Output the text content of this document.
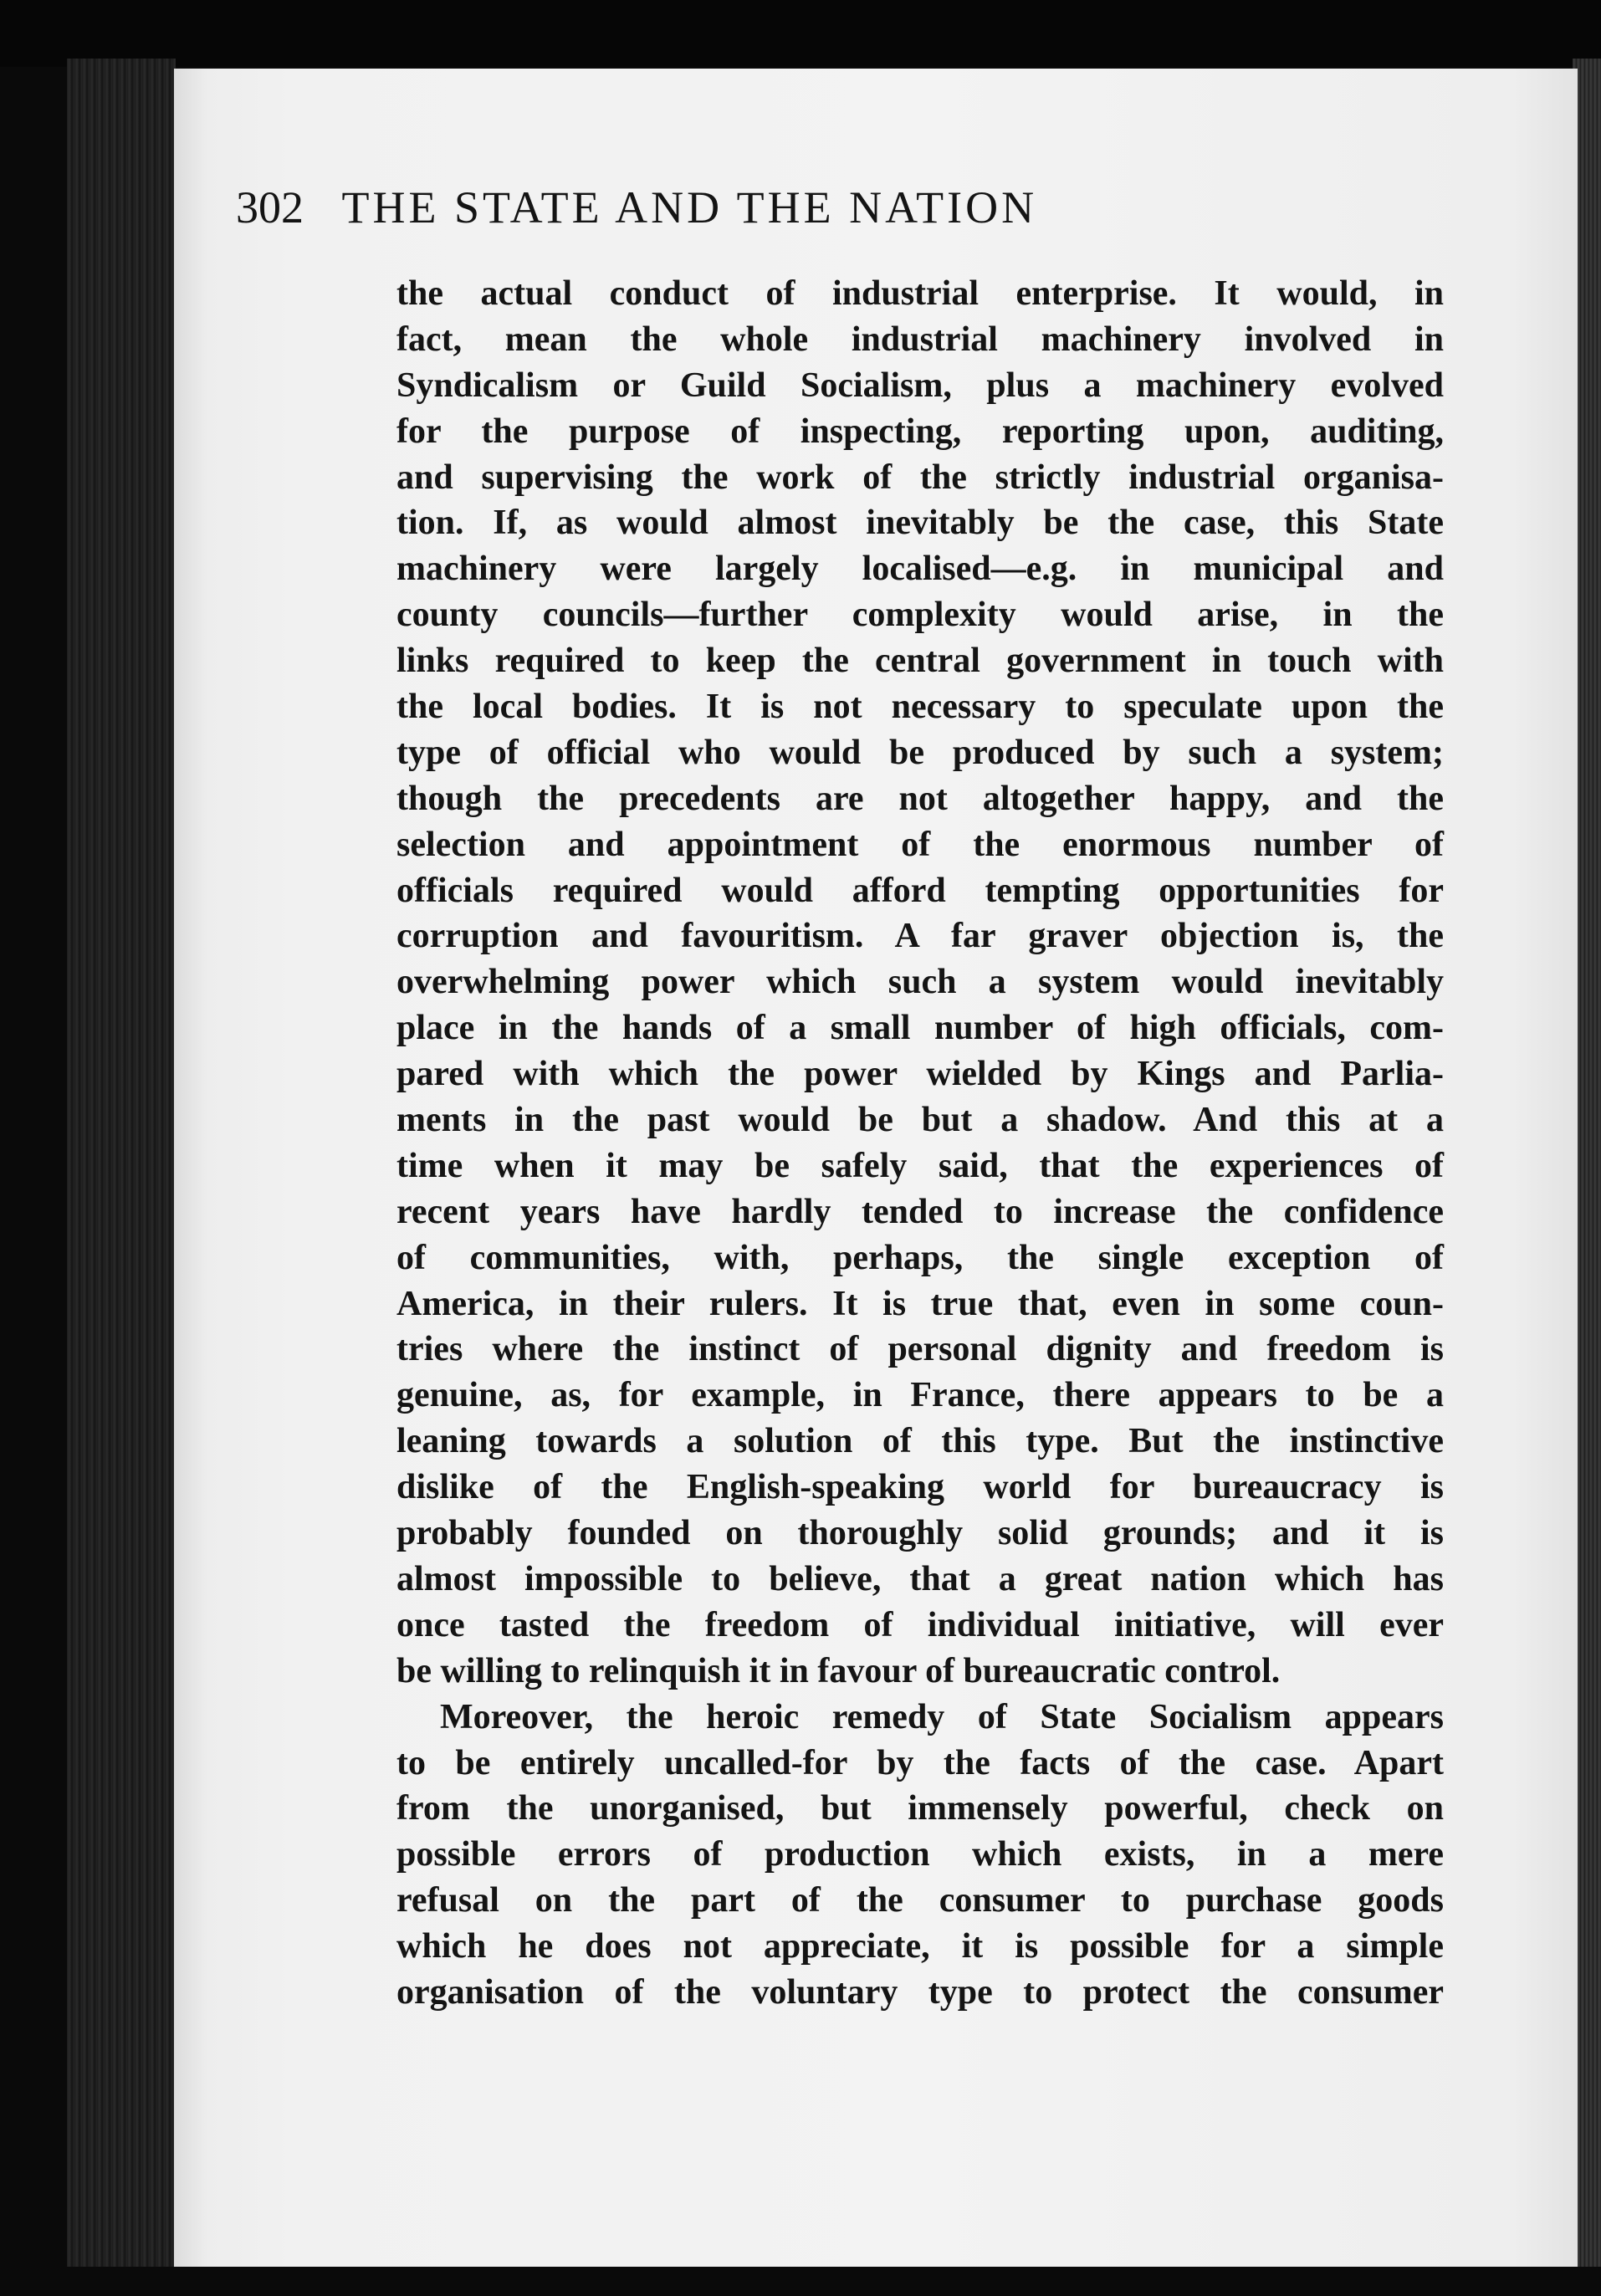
302 THE STATE AND THE NATION
the actual conduct of industrial enterprise. It would, in
fact, mean the whole industrial machinery involved in
Syndicalism or Guild Socialism, plus a machinery evolved
for the purpose of inspecting, reporting upon, auditing,
and supervising the work of the strictly industrial organisa-
tion. If, as would almost inevitably be the case, this State
machinery were largely localised—e.g. in municipal and
county councils—further complexity would arise, in the
links required to keep the central government in touch with
the local bodies. It is not necessary to speculate upon the
type of official who would be produced by such a system;
though the precedents are not altogether happy, and the
selection and appointment of the enormous number of
officials required would afford tempting opportunities for
corruption and favouritism. A far graver objection is, the
overwhelming power which such a system would inevitably
place in the hands of a small number of high officials, com-
pared with which the power wielded by Kings and Parlia-
ments in the past would be but a shadow. And this at a
time when it may be safely said, that the experiences of
recent years have hardly tended to increase the confidence
of communities, with, perhaps, the single exception of
America, in their rulers. It is true that, even in some coun-
tries where the instinct of personal dignity and freedom is
genuine, as, for example, in France, there appears to be a
leaning towards a solution of this type. But the instinctive
dislike of the English-speaking world for bureaucracy is
probably founded on thoroughly solid grounds; and it is
almost impossible to believe, that a great nation which has
once tasted the freedom of individual initiative, will ever
be willing to relinquish it in favour of bureaucratic control.
Moreover, the heroic remedy of State Socialism appears
to be entirely uncalled-for by the facts of the case. Apart
from the unorganised, but immensely powerful, check on
possible errors of production which exists, in a mere
refusal on the part of the consumer to purchase goods
which he does not appreciate, it is possible for a simple
organisation of the voluntary type to protect the consumer
